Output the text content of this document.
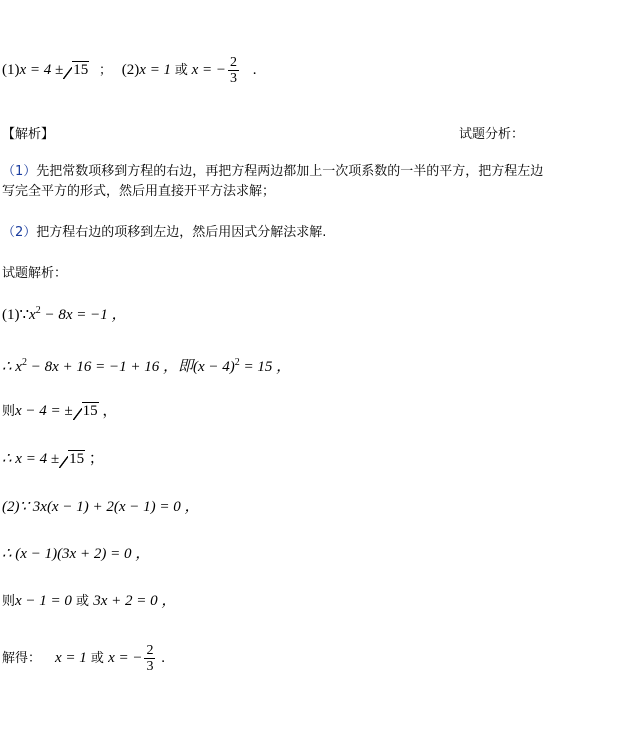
(1)x = 4 ± 15 ； (2)x = 1 或 x = − $\frac{2}{3}$ .
【解析】	试题分析：
（1）先把常数项移到方程的右边，再把方程两边都加上一次项系数的一半的平方，把方程左边
写完全平方的形式，然后用直接开平方法求解；
（2）把方程右边的项移到左边，然后用因式分解法求解.
试题解析：
$(1)\because x^2 - 8x = -1$ ，
∴ $x^2 - 8x + 16 = -1 + 16$ ，即$(x - 4)^2 = 15$ ，
则x − 4 = ± 15 ，
∴ x = 4 ± 15 ；
(2)∵ 3x(x − 1) + 2(x − 1) = 0 ，
∴ (x − 1)(3x + 2) = 0 ，
则x − 1 = 0 或 3x + 2 = 0 ，
解得： x = 1 或 x = − $\frac{2}{3}$ .
